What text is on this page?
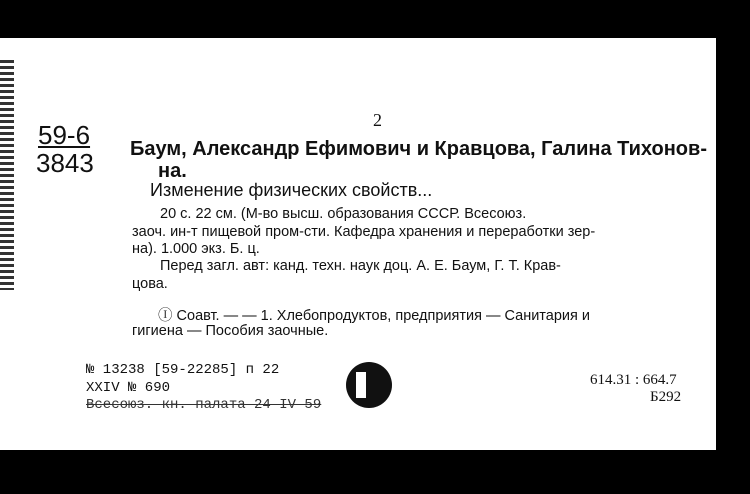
2
59-6
3843 Баум, Александр Ефимович и Кравцова, Галина Тихонов-
на.
Изменение физических свойств...
20 с. 22 см. (М-во высш. образования СССР. Всесоюз.
заоч. ин-т пищевой пром-сти. Кафедра хранения и переработки зер-
на). 1.000 экз. Б. ц.
Перед загл. авт: канд. техн. наук доц. А. Е. Баум, Г. Т. Крав-
цова.
Ⓘ Соавт. — — 1. Хлебопродуктов, предприятия — Санитария и
гигиена — Пособия заочные.
№ 13238 [59-22285] п 22
XXIV № 690
Всесоюз. кн. палата 24 IV 59
614.31 : 664.7
Б292
